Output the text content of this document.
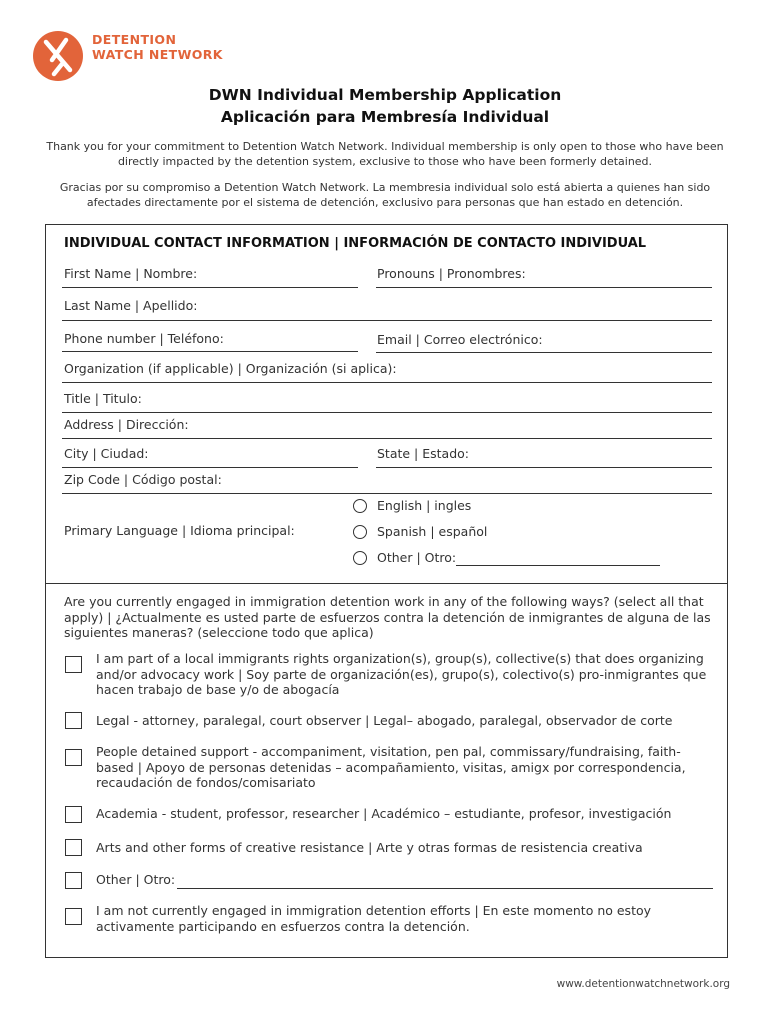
DETENTION
WATCH NETWORK
DWN Individual Membership Application
Aplicación para Membresía Individual
Thank you for your commitment to Detention Watch Network. Individual membership is only open to those who have been directly impacted by the detention system, exclusive to those who have been formerly detained.
Gracias por su compromiso a Detention Watch Network. La membresia individual solo está abierta a quienes han sido afectades directamente por el sistema de detención, exclusivo para personas que han estado en detención.
INDIVIDUAL CONTACT INFORMATION | INFORMACIÓN DE CONTACTO INDIVIDUAL
First Name | Nombre:	Pronouns | Pronombres:
Last Name | Apellido:
Phone number | Teléfono:	Email | Correo electrónico:
Organization (if applicable) | Organización (si aplica):
Title | Titulo:
Address | Dirección:
City | Ciudad:	State | Estado:
Zip Code | Código postal:
Primary Language | Idioma principal:
English | ingles
Spanish | español
Other | Otro:
Are you currently engaged in immigration detention work in any of the following ways? (select all that apply) | ¿Actualmente es usted parte de esfuerzos contra la detención de inmigrantes de alguna de las siguientes maneras? (seleccione todo que aplica)
I am part of a local immigrants rights organization(s), group(s), collective(s) that does organizing and/or advocacy work | Soy parte de organización(es), grupo(s), colectivo(s) pro-inmigrantes que hacen trabajo de base y/o de abogacía
Legal - attorney, paralegal, court observer | Legal– abogado, paralegal, observador de corte
People detained support - accompaniment, visitation, pen pal, commissary/fundraising, faith-based | Apoyo de personas detenidas – acompañamiento, visitas, amigx por correspondencia, recaudación de fondos/comisariato
Academia - student, professor, researcher | Académico – estudiante, profesor, investigación
Arts and other forms of creative resistance | Arte y otras formas de resistencia creativa
Other | Otro:
I am not currently engaged in immigration detention efforts | En este momento no estoy activamente participando en esfuerzos contra la detención.
www.detentionwatchnetwork.org
